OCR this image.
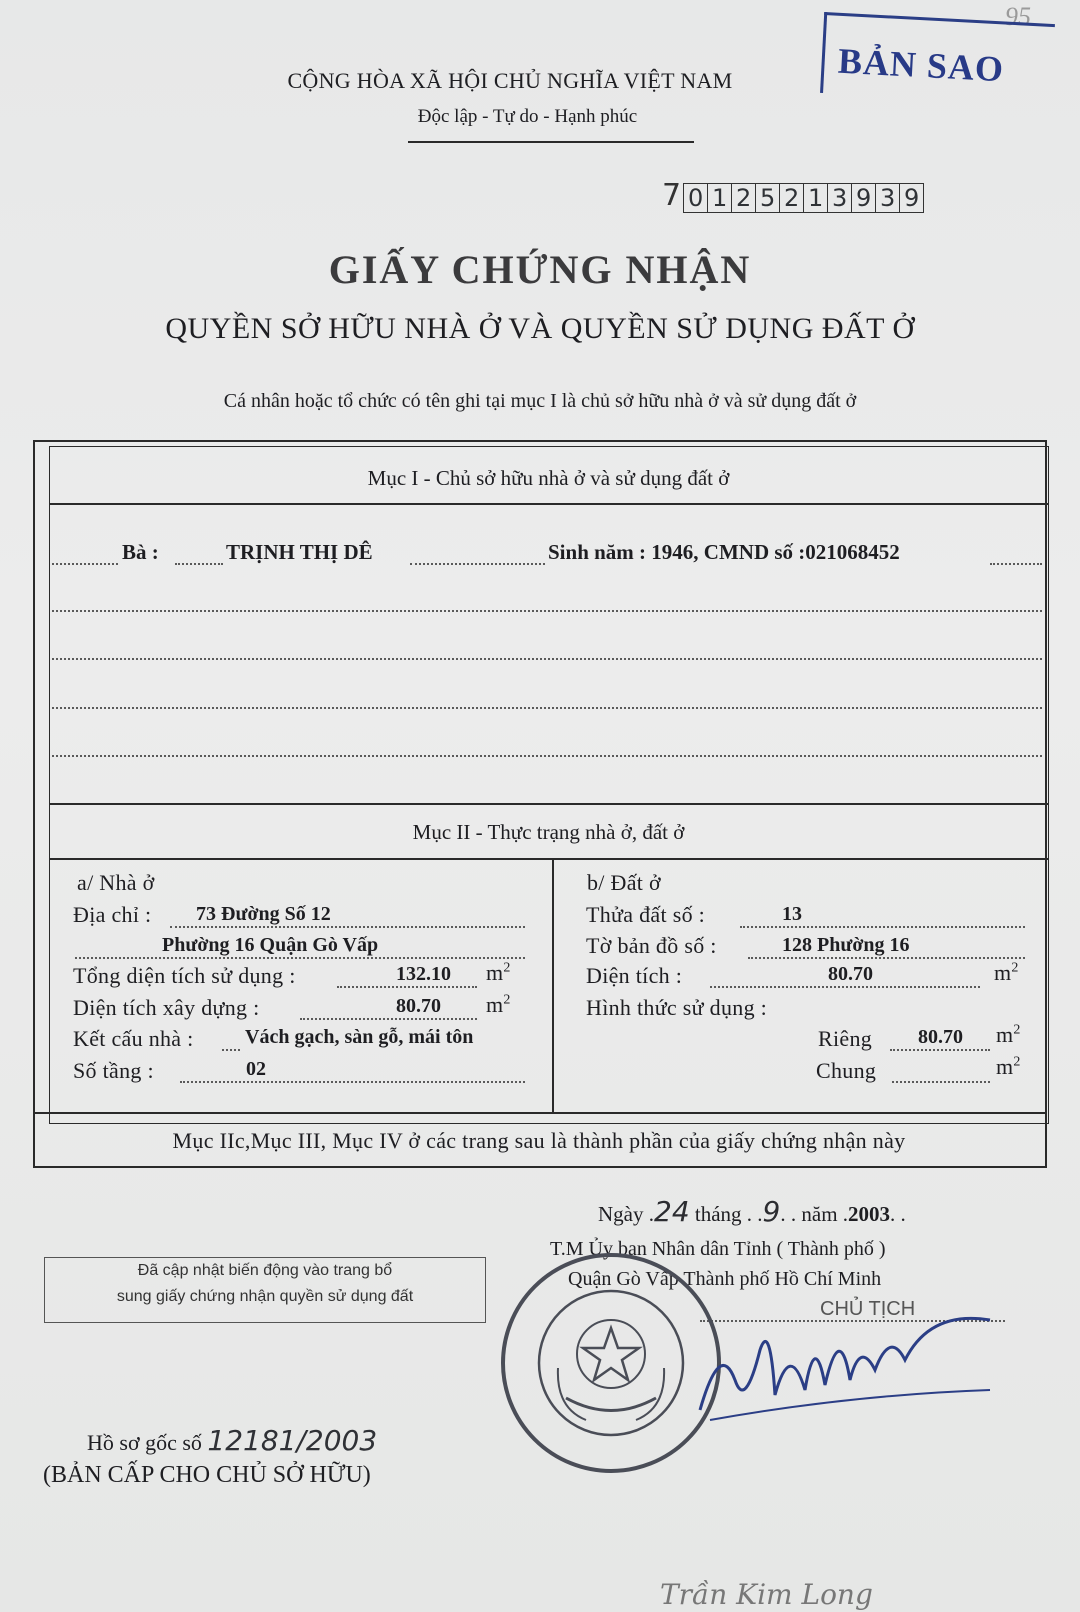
95
CỘNG HÒA XÃ HỘI CHỦ NGHĨA VIỆT NAM
Độc lập - Tự do - Hạnh phúc
BẢN SAO
7 0 1 2 5 2 1 3 9 3 9
GIẤY CHỨNG NHẬN
QUYỀN SỞ HỮU NHÀ Ở VÀ QUYỀN SỬ DỤNG ĐẤT Ở
Cá nhân hoặc tổ chức có tên ghi tại mục I là chủ sở hữu nhà ở và sử dụng đất ở
Mục I - Chủ sở hữu nhà ở và sử dụng đất ở
Bà :	TRỊNH THỊ DÊ	Sinh năm : 1946, CMND số :021068452
Mục II - Thực trạng nhà ở, đất ở
a/ Nhà ở
Địa chỉ : 73 Đường Số 12
Phường 16 Quận Gò Vấp
Tổng diện tích sử dụng :	132.10 $m^2$
Diện tích xây dựng :	80.70 $m^2$
Kết cấu nhà :	Vách gạch, sàn gỗ, mái tôn
Số tầng :	02
b/ Đất ở
Thửa đất số :	13
Tờ bản đồ số :	128 Phường 16
Diện tích :	80.70	$m^2$
Hình thức sử dụng :
Riêng 80.70 $m^2$
Chung	$m^2$
Mục IIc,Mục III, Mục IV ở các trang sau là thành phần của giấy chứng nhận này
Đã cập nhật biến động vào trang bổ
sung giấy chứng nhận quyền sử dụng đất
Hồ sơ gốc số 12181/2003
(BẢN CẤP CHO CHỦ SỞ HỮU)
Ngày .24 tháng . .9. . năm .2003. .
T.M Ủy ban Nhân dân Tỉnh ( Thành phố )
Quận Gò Vấp Thành phố Hồ Chí Minh
CHỦ TỊCH
Trần Kim Long
